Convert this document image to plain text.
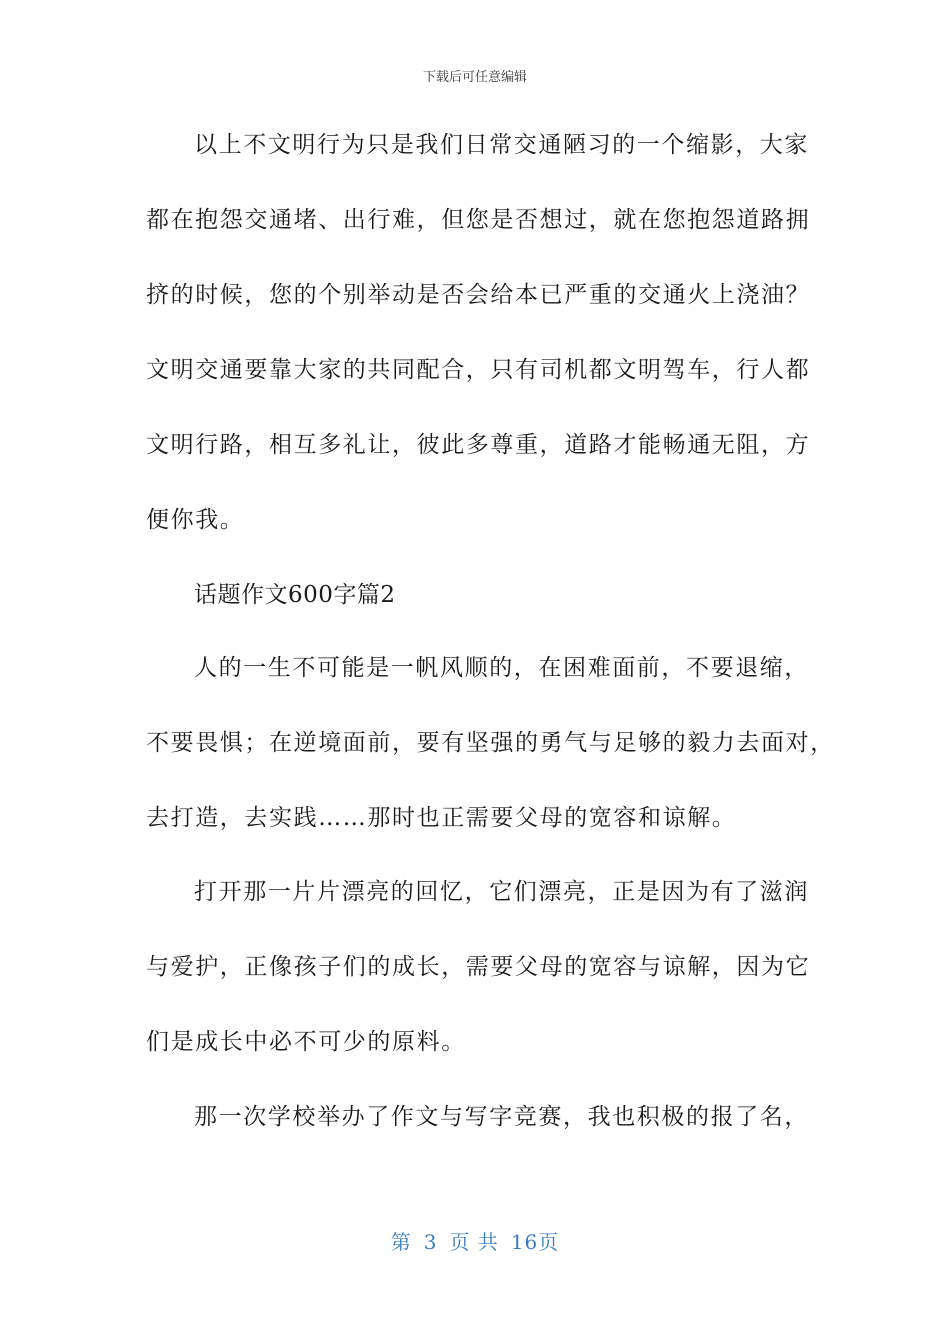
下载后可任意编辑
以上不文明行为只是我们日常交通陋习的一个缩影，大家
都在抱怨交通堵、出行难，但您是否想过，就在您抱怨道路拥
挤的时候，您的个别举动是否会给本已严重的交通火上浇油？
文明交通要靠大家的共同配合，只有司机都文明驾车，行人都
文明行路，相互多礼让，彼此多尊重，道路才能畅通无阻，方
便你我。
话题作文600字篇2
人的一生不可能是一帆风顺的，在困难面前，不要退缩，
不要畏惧；在逆境面前，要有坚强的勇气与足够的毅力去面对，
去打造，去实践……那时也正需要父母的宽容和谅解。
打开那一片片漂亮的回忆，它们漂亮，正是因为有了滋润
与爱护，正像孩子们的成长，需要父母的宽容与谅解，因为它
们是成长中必不可少的原料。
那一次学校举办了作文与写字竞赛，我也积极的报了名，
第 3 页 共 16页
